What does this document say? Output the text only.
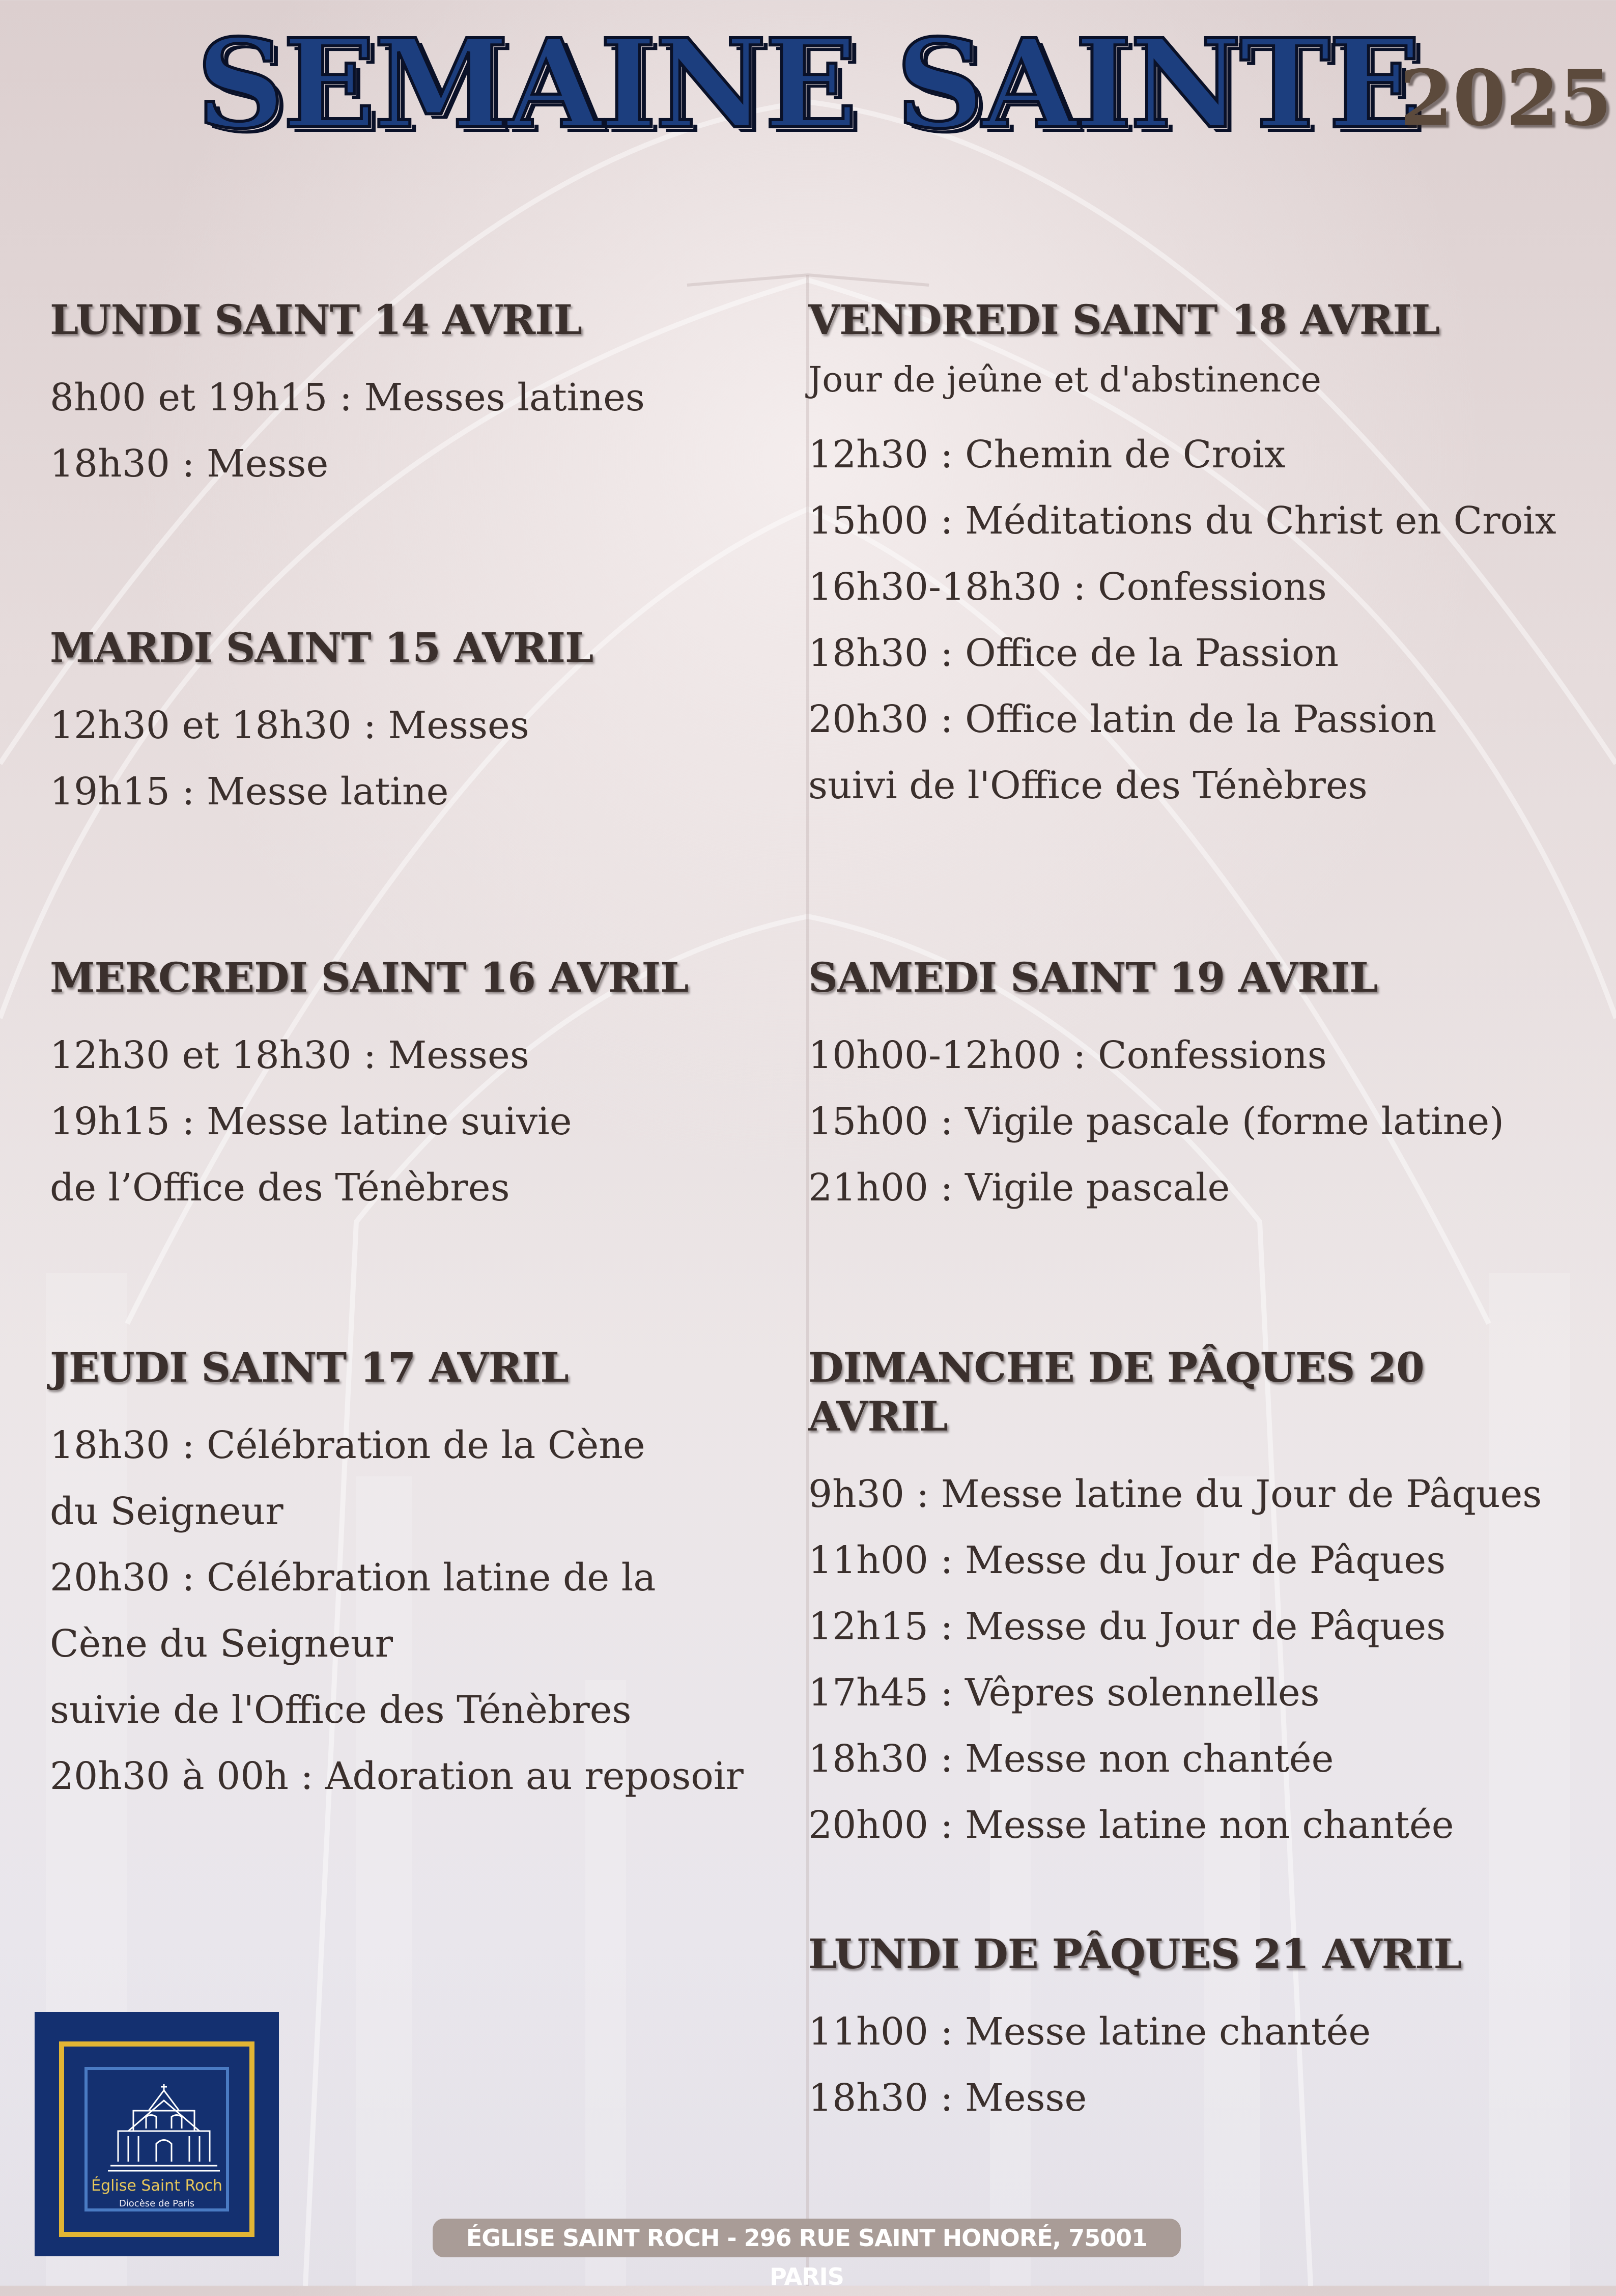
SEMAINE SAINTE
2025
LUNDI SAINT 14 AVRIL
8h00 et 19h15 : Messes latines
18h30 : Messe
MARDI SAINT 15 AVRIL
12h30 et 18h30 : Messes
19h15 : Messe latine
MERCREDI SAINT 16 AVRIL
12h30 et 18h30 : Messes
19h15 : Messe latine suivie
de l’Office des Ténèbres
JEUDI SAINT 17 AVRIL
18h30 : Célébration de la Cène
du Seigneur
20h30 : Célébration latine de la
Cène du Seigneur
suivie de l'Office des Ténèbres
20h30 à 00h : Adoration au reposoir
VENDREDI SAINT 18 AVRIL

Jour de jeûne et d'abstinence

12h30 : Chemin de Croix
15h00 : Méditations du Christ en Croix
16h30-18h30 : Confessions
18h30 : Office de la Passion
20h30 : Office latin de la Passion
suivi de l'Office des Ténèbres
SAMEDI SAINT 19 AVRIL
10h00-12h00 : Confessions
15h00 : Vigile pascale (forme latine)
21h00 : Vigile pascale
DIMANCHE DE PÂQUES 20 AVRIL
9h30 : Messe latine du Jour de Pâques
11h00 : Messe du Jour de Pâques
12h15 : Messe du Jour de Pâques
17h45 : Vêpres solennelles
18h30 : Messe non chantée
20h00 : Messe latine non chantée
LUNDI DE PÂQUES 21 AVRIL
11h00 : Messe latine chantée
18h30 : Messe
Église Saint Roch
Diocèse de Paris
ÉGLISE SAINT ROCH - 296 RUE SAINT HONORÉ, 75001 PARIS
